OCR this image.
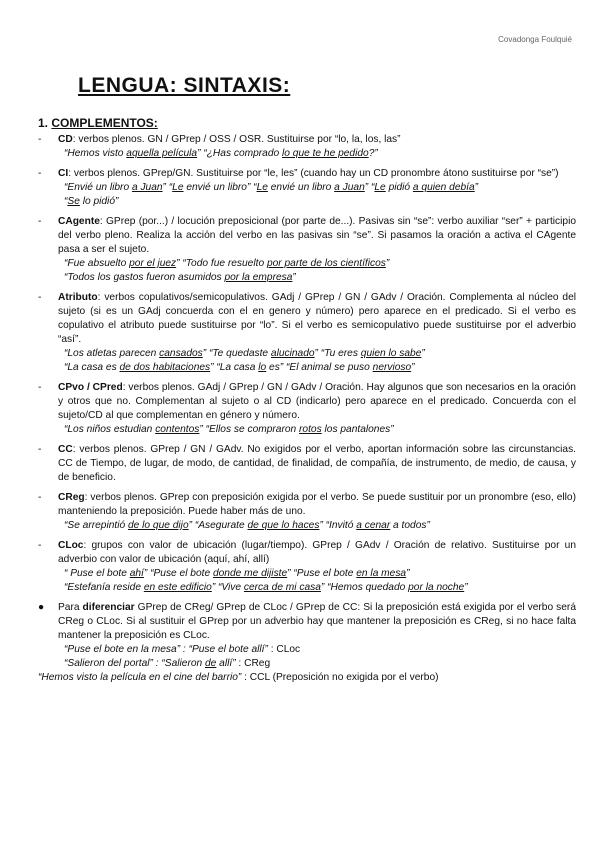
Covadonga Foulquié
LENGUA: SINTAXIS:
1. COMPLEMENTOS:
- CD: verbos plenos. GN / GPrep / OSS / OSR. Sustituirse por “lo, la, los, las”
“Hemos visto aquella película” “¿Has comprado lo que te he pedido?”
- CI: verbos plenos. GPrep/GN. Sustituirse por “le, les” (cuando hay un CD pronombre átono sustituirse por “se”)
“Envié un libro a Juan” “Le envié un libro” “Le envié un libro a Juan” “Le pidió a quien debía”
“Se lo pidió”
- CAgente: GPrep (por...) / locución preposicional (por parte de...). Pasivas sin “se”: verbo auxiliar “ser” + participio del verbo pleno. Realiza la acción del verbo en las pasivas sin “se”. Si pasamos la oración a activa el CAgente pasa a ser el sujeto.
“Fue absuelto por el juez” “Todo fue resuelto por parte de los científicos”
“Todos los gastos fueron asumidos por la empresa”
- Atributo: verbos copulativos/semicopulativos. GAdj / GPrep / GN / GAdv / Oración. Complementa al núcleo del sujeto (si es un GAdj concuerda con el en genero y número) pero aparece en el predicado. Si el verbo es copulativo el atributo puede sustituirse por “lo”. Si el verbo es semicopulativo puede sustituirse por el adverbio “así”.
“Los atletas parecen cansados” “Te quedaste alucinado” “Tu eres quien lo sabe”
“La casa es de dos habitaciones” “La casa lo es” “El animal se puso nervioso”
- CPvo / CPred: verbos plenos. GAdj / GPrep / GN / GAdv / Oración. Hay algunos que son necesarios en la oración y otros que no. Complementan al sujeto o al CD (indicarlo) pero aparece en el predicado. Concuerda con el sujeto/CD al que complementan en género y número.
“Los niños estudian contentos” “Ellos se compraron rotos los pantalones”
- CC: verbos plenos. GPrep / GN / GAdv. No exigidos por el verbo, aportan información sobre las circunstancias. CC de Tiempo, de lugar, de modo, de cantidad, de finalidad, de compañía, de instrumento, de medio, de causa, y de beneficio.
- CReg: verbos plenos. GPrep con preposición exigida por el verbo. Se puede sustituir por un pronombre (eso, ello) manteniendo la preposición. Puede haber más de uno.
“Se arrepintió de lo que dijo” “Asegurate de que lo haces” “Invitó a cenar a todos”
- CLoc: grupos con valor de ubicación (lugar/tiempo). GPrep / GAdv / Oración de relativo. Sustituirse por un adverbio con valor de ubicación (aquí, ahí, allí)
“ Puse el bote ahí” “Puse el bote donde me dijiste” “Puse el bote en la mesa”
“Estefanía reside en este edificio” “Vive cerca de mi casa” “Hemos quedado por la noche”
● Para diferenciar GPrep de CReg/ GPrep de CLoc / GPrep de CC: Si la preposición está exigida por el verbo será CReg o CLoc. Si al sustituir el GPrep por un adverbio hay que mantener la preposición es CReg, si no hace falta mantener la preposición es CLoc.
“Puse el bote en la mesa” : “Puse el bote allí” : CLoc
“Salieron del portal” : “Salieron de allí” : CReg
“Hemos visto la película en el cine del barrio” : CCL (Preposición no exigida por el verbo)
